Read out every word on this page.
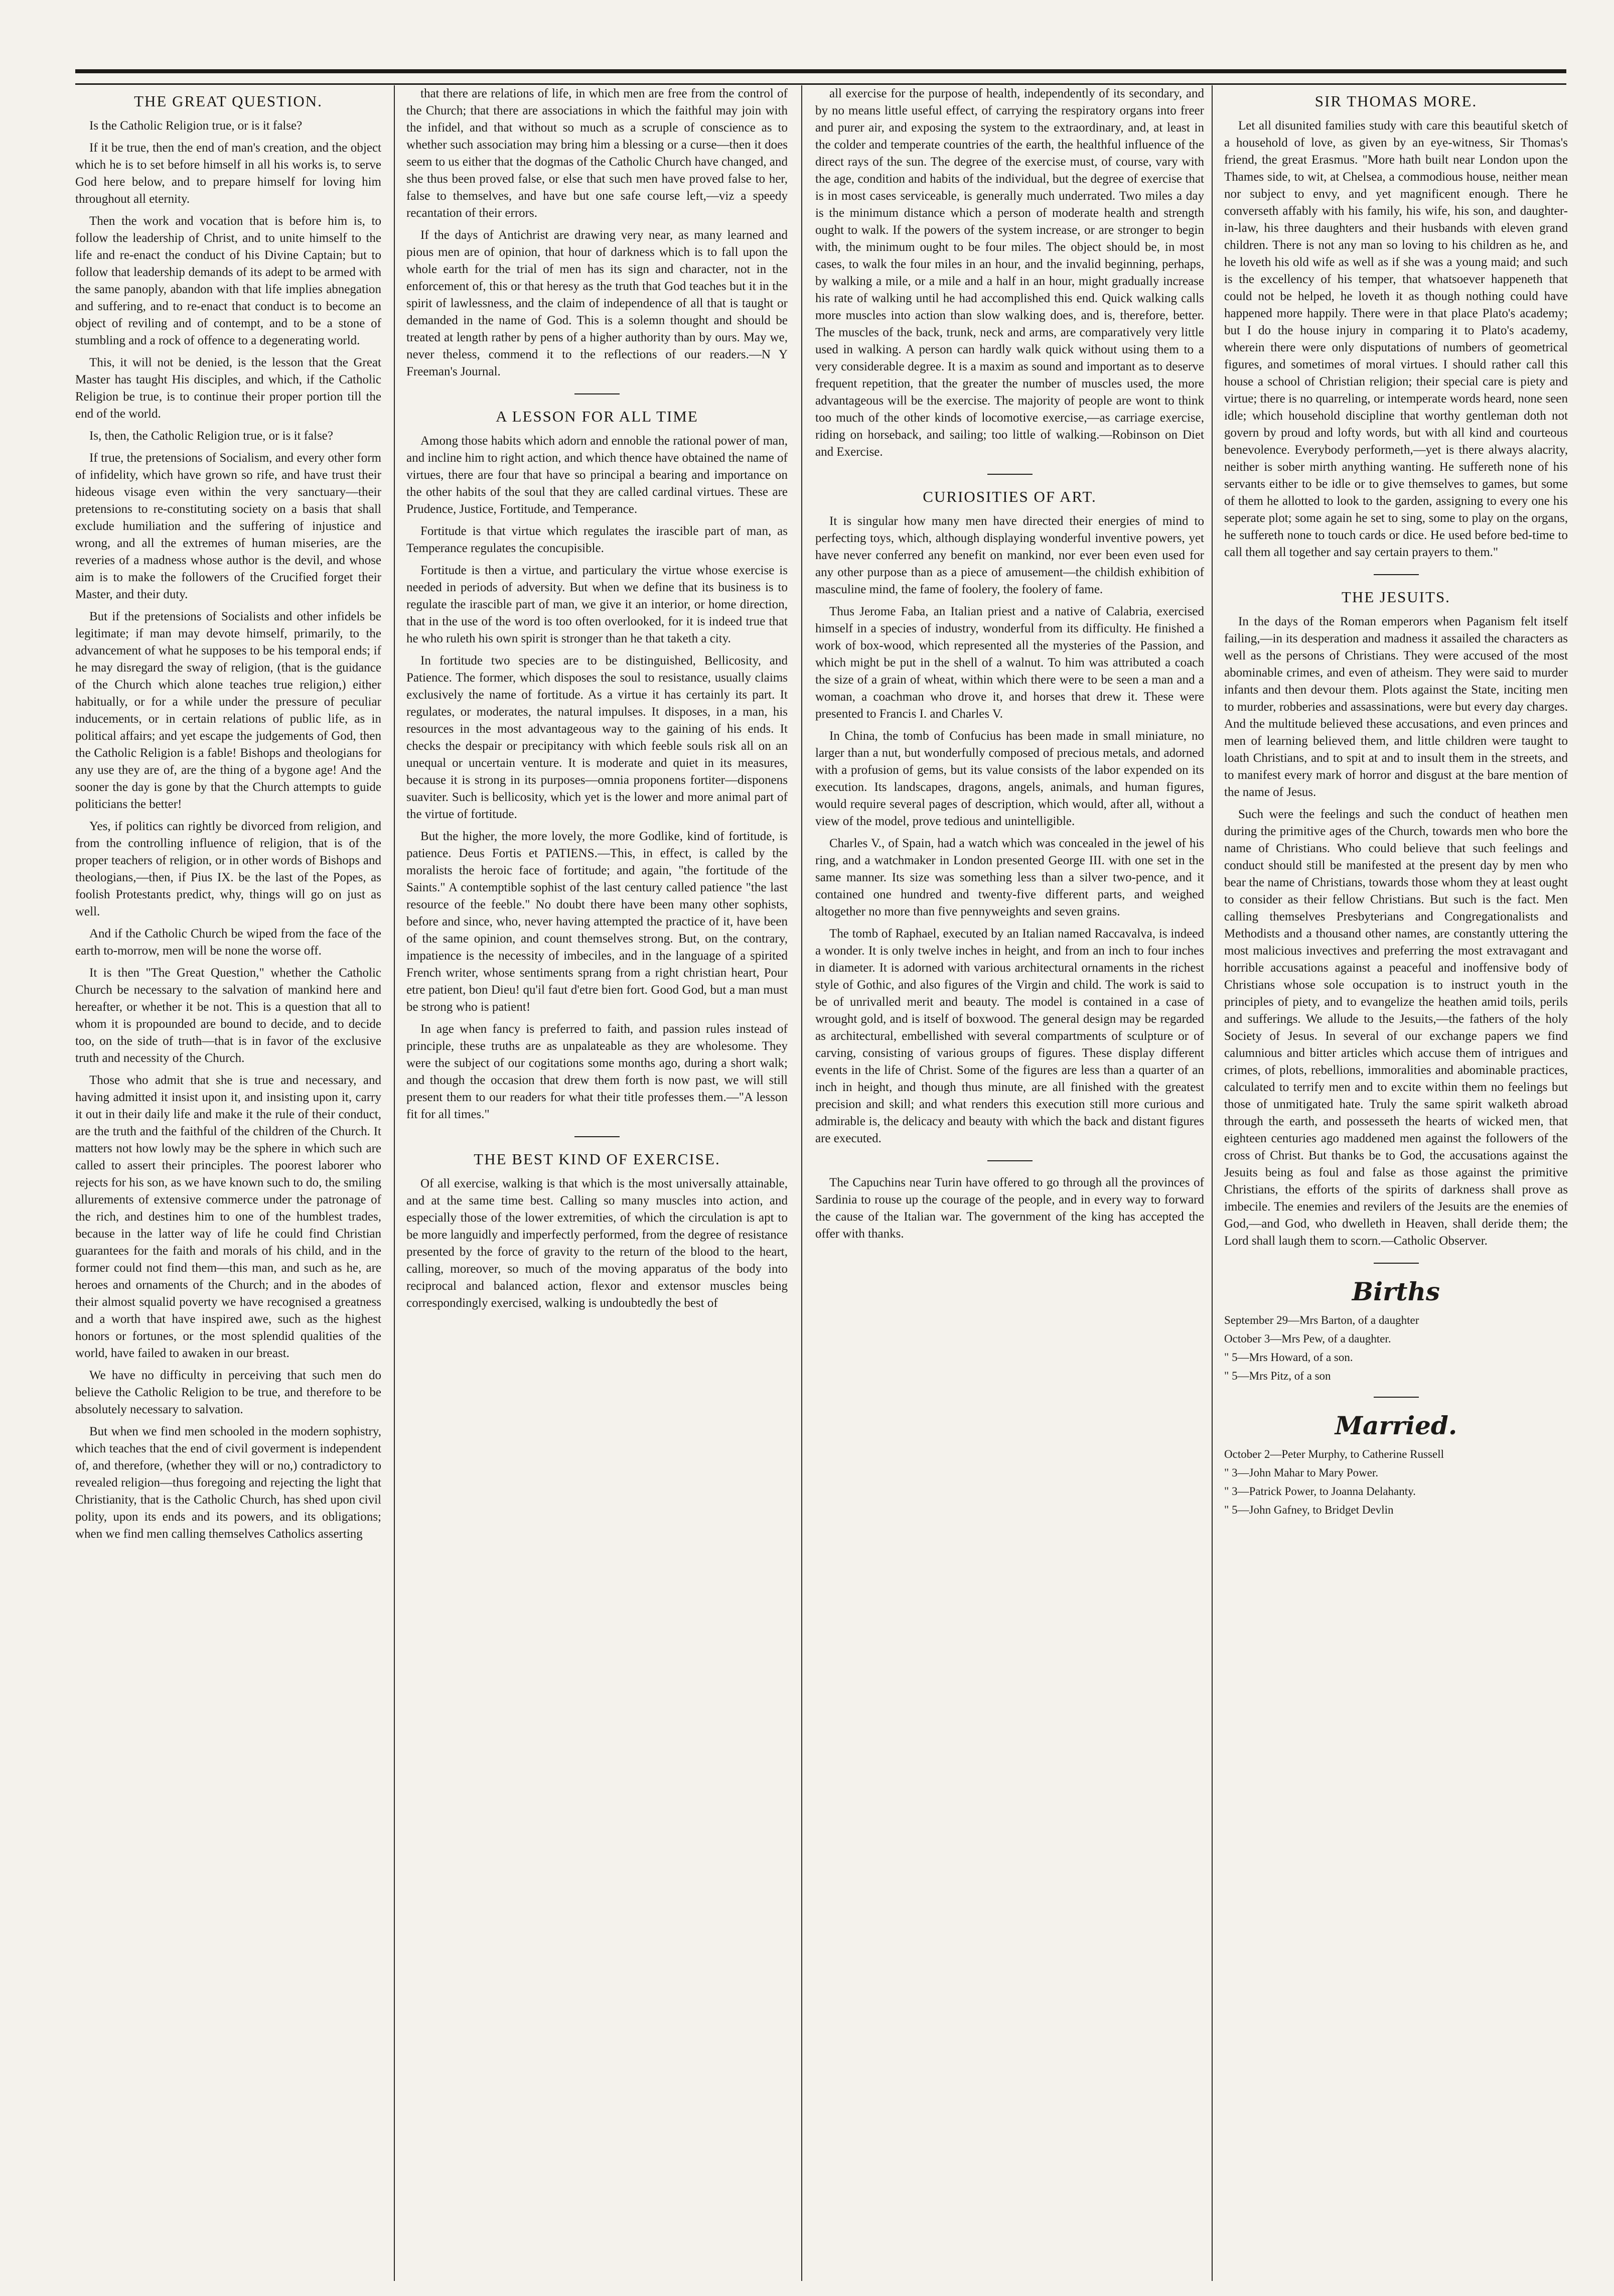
THE GREAT QUESTION.

Is the Catholic Religion true, or is it false?

If it be true, then the end of man's creation, and the object which he is to set before himself in all his works is, to serve God here below, and to prepare himself for loving him throughout all eternity.

Then the work and vocation that is before him is, to follow the leadership of Christ, and to unite himself to the life and re-enact the conduct of his Divine Captain; but to follow that leadership demands of its adept to be armed with the same panoply, abandon with that life implies abnegation and suffering, and to re-enact that conduct is to become an object of reviling and of contempt, and to be a stone of stumbling and a rock of offence to a degenerating world.

This, it will not be denied, is the lesson that the Great Master has taught His disciples, and which, if the Catholic Religion be true, is to continue their proper portion till the end of the world.

Is, then, the Catholic Religion true, or is it false?

If true, the pretensions of Socialism, and every other form of infidelity, which have grown so rife, and have trust their hideous visage even within the very sanctuary—their pretensions to re-constituting society on a basis that shall exclude humiliation and the suffering of injustice and wrong, and all the extremes of human miseries, are the reveries of a madness whose author is the devil, and whose aim is to make the followers of the Crucified forget their Master, and their duty.

But if the pretensions of Socialists and other infidels be legitimate; if man may devote himself, primarily, to the advancement of what he supposes to be his temporal ends; if he may disregard the sway of religion, (that is the guidance of the Church which alone teaches true religion,) either habitually, or for a while under the pressure of peculiar inducements, or in certain relations of public life, as in political affairs; and yet escape the judgements of God, then the Catholic Religion is a fable! Bishops and theologians for any use they are of, are the thing of a bygone age! And the sooner the day is gone by that the Church attempts to guide politicians the better!

Yes, if politics can rightly be divorced from religion, and from the controlling influence of religion, that is of the proper teachers of religion, or in other words of Bishops and theologians,—then, if Pius IX. be the last of the Popes, as foolish Protestants predict, why, things will go on just as well.

And if the Catholic Church be wiped from the face of the earth to-morrow, men will be none the worse off.

It is then "The Great Question," whether the Catholic Church be necessary to the salvation of mankind here and hereafter, or whether it be not. This is a question that all to whom it is propounded are bound to decide, and to decide too, on the side of truth—that is in favor of the exclusive truth and necessity of the Church.

Those who admit that she is true and necessary, and having admitted it insist upon it, and insisting upon it, carry it out in their daily life and make it the rule of their conduct, are the truth and the faithful of the children of the Church. It matters not how lowly may be the sphere in which such are called to assert their principles. The poorest laborer who rejects for his son, as we have known such to do, the smiling allurements of extensive commerce under the patronage of the rich, and destines him to one of the humblest trades, because in the latter way of life he could find Christian guarantees for the faith and morals of his child, and in the former could not find them—this man, and such as he, are heroes and ornaments of the Church; and in the abodes of their almost squalid poverty we have recognised a greatness and a worth that have inspired awe, such as the highest honors or fortunes, or the most splendid qualities of the world, have failed to awaken in our breast.

We have no difficulty in perceiving that such men do believe the Catholic Religion to be true, and therefore to be absolutely necessary to salvation.

But when we find men schooled in the modern sophistry, which teaches that the end of civil goverment is independent of, and therefore, (whether they will or no,) contradictory to revealed religion—thus foregoing and rejecting the light that Christianity, that is the Catholic Church, has shed upon civil polity, upon its ends and its powers, and its obligations; when we find men calling themselves Catholics asserting

that there are relations of life, in which men are free from the control of the Church; that there are associations in which the faithful may join with the infidel, and that without so much as a scruple of conscience as to whether such association may bring him a blessing or a curse—then it does seem to us either that the dogmas of the Catholic Church have changed, and she thus been proved false, or else that such men have proved false to her, false to themselves, and have but one safe course left,—viz a speedy recantation of their errors.

If the days of Antichrist are drawing very near, as many learned and pious men are of opinion, that hour of darkness which is to fall upon the whole earth for the trial of men has its sign and character, not in the enforcement of, this or that heresy as the truth that God teaches but it in the spirit of lawlessness, and the claim of independence of all that is taught or demanded in the name of God. This is a solemn thought and should be treated at length rather by pens of a higher authority than by ours. May we, never theless, commend it to the reflections of our readers.—N Y Freeman's Journal.

A LESSON FOR ALL TIME

Among those habits which adorn and ennoble the rational power of man, and incline him to right action, and which thence have obtained the name of virtues, there are four that have so principal a bearing and importance on the other habits of the soul that they are called cardinal virtues. These are Prudence, Justice, Fortitude, and Temperance.

Fortitude is that virtue which regulates the irascible part of man, as Temperance regulates the concupisible.

Fortitude is then a virtue, and particulary the virtue whose exercise is needed in periods of adversity. But when we define that its business is to regulate the irascible part of man, we give it an interior, or home direction, that in the use of the word is too often overlooked, for it is indeed true that he who ruleth his own spirit is stronger than he that taketh a city.

In fortitude two species are to be distinguished, Bellicosity, and Patience. The former, which disposes the soul to resistance, usually claims exclusively the name of fortitude. As a virtue it has certainly its part. It regulates, or moderates, the natural impulses. It disposes, in a man, his resources in the most advantageous way to the gaining of his ends. It checks the despair or precipitancy with which feeble souls risk all on an unequal or uncertain venture. It is moderate and quiet in its measures, because it is strong in its purposes—omnia proponens fortiter—disponens suaviter. Such is bellicosity, which yet is the lower and more animal part of the virtue of fortitude.

But the higher, the more lovely, the more Godlike, kind of fortitude, is patience. Deus Fortis et PATIENS.—This, in effect, is called by the moralists the heroic face of fortitude; and again, "the fortitude of the Saints." A contemptible sophist of the last century called patience "the last resource of the feeble." No doubt there have been many other sophists, before and since, who, never having attempted the practice of it, have been of the same opinion, and count themselves strong. But, on the contrary, impatience is the necessity of imbeciles, and in the language of a spirited French writer, whose sentiments sprang from a right christian heart, Pour etre patient, bon Dieu! qu'il faut d'etre bien fort. Good God, but a man must be strong who is patient!

In age when fancy is preferred to faith, and passion rules instead of principle, these truths are as unpalateable as they are wholesome. They were the subject of our cogitations some months ago, during a short walk; and though the occasion that drew them forth is now past, we will still present them to our readers for what their title professes them.—"A lesson fit for all times."

THE BEST KIND OF EXERCISE.

Of all exercise, walking is that which is the most universally attainable, and at the same time best. Calling so many muscles into action, and especially those of the lower extremities, of which the circulation is apt to be more languidly and imperfectly performed, from the degree of resistance presented by the force of gravity to the return of the blood to the heart, calling, moreover, so much of the moving apparatus of the body into reciprocal and balanced action, flexor and extensor muscles being correspondingly exercised, walking is undoubtedly the best of

all exercise for the purpose of health, independently of its secondary, and by no means little useful effect, of carrying the respiratory organs into freer and purer air, and exposing the system to the extraordinary, and, at least in the colder and temperate countries of the earth, the healthful influence of the direct rays of the sun. The degree of the exercise must, of course, vary with the age, condition and habits of the individual, but the degree of exercise that is in most cases serviceable, is generally much underrated. Two miles a day is the minimum distance which a person of moderate health and strength ought to walk. If the powers of the system increase, or are stronger to begin with, the minimum ought to be four miles. The object should be, in most cases, to walk the four miles in an hour, and the invalid beginning, perhaps, by walking a mile, or a mile and a half in an hour, might gradually increase his rate of walking until he had accomplished this end. Quick walking calls more muscles into action than slow walking does, and is, therefore, better. The muscles of the back, trunk, neck and arms, are comparatively very little used in walking. A person can hardly walk quick without using them to a very considerable degree. It is a maxim as sound and important as to deserve frequent repetition, that the greater the number of muscles used, the more advantageous will be the exercise. The majority of people are wont to think too much of the other kinds of locomotive exercise,—as carriage exercise, riding on horseback, and sailing; too little of walking.—Robinson on Diet and Exercise.

CURIOSITIES OF ART.

It is singular how many men have directed their energies of mind to perfecting toys, which, although displaying wonderful inventive powers, yet have never conferred any benefit on mankind, nor ever been even used for any other purpose than as a piece of amusement—the childish exhibition of masculine mind, the fame of foolery, the foolery of fame.

Thus Jerome Faba, an Italian priest and a native of Calabria, exercised himself in a species of industry, wonderful from its difficulty. He finished a work of box-wood, which represented all the mysteries of the Passion, and which might be put in the shell of a walnut. To him was attributed a coach the size of a grain of wheat, within which there were to be seen a man and a woman, a coachman who drove it, and horses that drew it. These were presented to Francis I. and Charles V.

In China, the tomb of Confucius has been made in small miniature, no larger than a nut, but wonderfully composed of precious metals, and adorned with a profusion of gems, but its value consists of the labor expended on its execution. Its landscapes, dragons, angels, animals, and human figures, would require several pages of description, which would, after all, without a view of the model, prove tedious and unintelligible.

Charles V., of Spain, had a watch which was concealed in the jewel of his ring, and a watchmaker in London presented George III. with one set in the same manner. Its size was something less than a silver two-pence, and it contained one hundred and twenty-five different parts, and weighed altogether no more than five pennyweights and seven grains.

The tomb of Raphael, executed by an Italian named Raccavalva, is indeed a wonder. It is only twelve inches in height, and from an inch to four inches in diameter. It is adorned with various architectural ornaments in the richest style of Gothic, and also figures of the Virgin and child. The work is said to be of unrivalled merit and beauty. The model is contained in a case of wrought gold, and is itself of boxwood. The general design may be regarded as architectural, embellished with several compartments of sculpture or of carving, consisting of various groups of figures. These display different events in the life of Christ. Some of the figures are less than a quarter of an inch in height, and though thus minute, are all finished with the greatest precision and skill; and what renders this execution still more curious and admirable is, the delicacy and beauty with which the back and distant figures are executed.

The Capuchins near Turin have offered to go through all the provinces of Sardinia to rouse up the courage of the people, and in every way to forward the cause of the Italian war. The government of the king has accepted the offer with thanks.

SIR THOMAS MORE.

Let all disunited families study with care this beautiful sketch of a household of love, as given by an eye-witness, Sir Thomas's friend, the great Erasmus. "More hath built near London upon the Thames side, to wit, at Chelsea, a commodious house, neither mean nor subject to envy, and yet magnificent enough. There he converseth affably with his family, his wife, his son, and daughter-in-law, his three daughters and their husbands with eleven grand children. There is not any man so loving to his children as he, and he loveth his old wife as well as if she was a young maid; and such is the excellency of his temper, that whatsoever happeneth that could not be helped, he loveth it as though nothing could have happened more happily. There were in that place Plato's academy; but I do the house injury in comparing it to Plato's academy, wherein there were only disputations of numbers of geometrical figures, and sometimes of moral virtues. I should rather call this house a school of Christian religion; their special care is piety and virtue; there is no quarreling, or intemperate words heard, none seen idle; which household discipline that worthy gentleman doth not govern by proud and lofty words, but with all kind and courteous benevolence. Everybody performeth,—yet is there always alacrity, neither is sober mirth anything wanting. He suffereth none of his servants either to be idle or to give themselves to games, but some of them he allotted to look to the garden, assigning to every one his seperate plot; some again he set to sing, some to play on the organs, he suffereth none to touch cards or dice. He used before bed-time to call them all together and say certain prayers to them."

THE JESUITS.

In the days of the Roman emperors when Paganism felt itself failing,—in its desperation and madness it assailed the characters as well as the persons of Christians. They were accused of the most abominable crimes, and even of atheism. They were said to murder infants and then devour them. Plots against the State, inciting men to murder, robberies and assassinations, were but every day charges. And the multitude believed these accusations, and even princes and men of learning believed them, and little children were taught to loath Christians, and to spit at and to insult them in the streets, and to manifest every mark of horror and disgust at the bare mention of the name of Jesus.

Such were the feelings and such the conduct of heathen men during the primitive ages of the Church, towards men who bore the name of Christians. Who could believe that such feelings and conduct should still be manifested at the present day by men who bear the name of Christians, towards those whom they at least ought to consider as their fellow Christians. But such is the fact. Men calling themselves Presbyterians and Congregationalists and Methodists and a thousand other names, are constantly uttering the most malicious invectives and preferring the most extravagant and horrible accusations against a peaceful and inoffensive body of Christians whose sole occupation is to instruct youth in the principles of piety, and to evangelize the heathen amid toils, perils and sufferings. We allude to the Jesuits,—the fathers of the holy Society of Jesus. In several of our exchange papers we find calumnious and bitter articles which accuse them of intrigues and crimes, of plots, rebellions, immoralities and abominable practices, calculated to terrify men and to excite within them no feelings but those of unmitigated hate. Truly the same spirit walketh abroad through the earth, and possesseth the hearts of wicked men, that eighteen centuries ago maddened men against the followers of the cross of Christ. But thanks be to God, the accusations against the Jesuits being as foul and false as those against the primitive Christians, the efforts of the spirits of darkness shall prove as imbecile. The enemies and revilers of the Jesuits are the enemies of God,—and God, who dwelleth in Heaven, shall deride them; the Lord shall laugh them to scorn.—Catholic Observer.

Births
September 29—Mrs Barton, of a daughter
October 3—Mrs Pew, of a daughter.
" 5—Mrs Howard, of a son.
" 5—Mrs Pitz, of a son
Married.
October 2—Peter Murphy, to Catherine Russell
" 3—John Mahar to Mary Power.
" 3—Patrick Power, to Joanna Delahanty.
" 5—John Gafney, to Bridget Devlin
